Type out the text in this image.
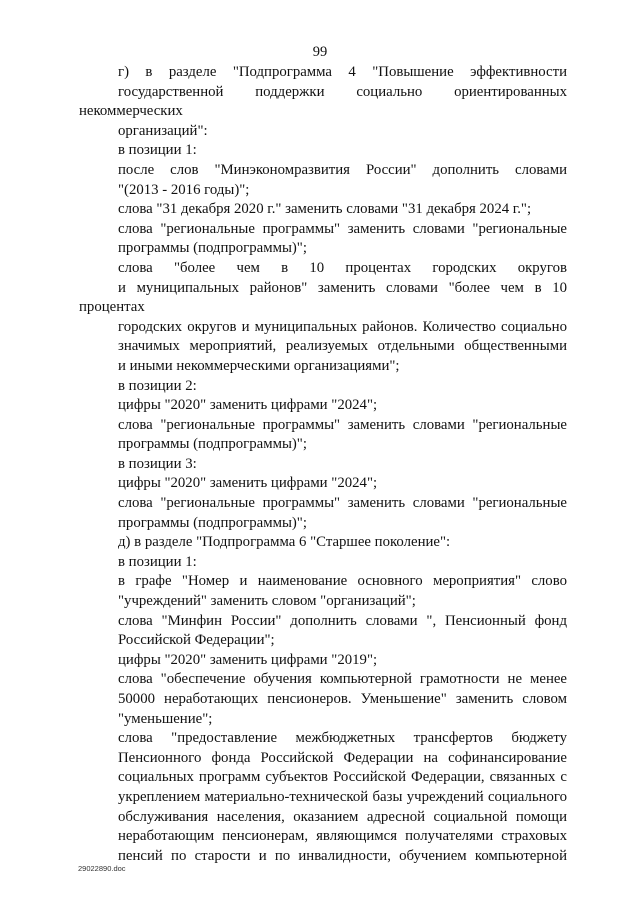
99
г) в разделе "Подпрограмма 4 "Повышение эффективности
государственной поддержки социально ориентированных некоммерческих
организаций":
в позиции 1:
после слов "Минэкономразвития России" дополнить словами
"(2013 - 2016 годы)";
слова "31 декабря 2020 г." заменить словами "31 декабря 2024 г.";
слова "региональные программы" заменить словами "региональные
программы (подпрограммы)";
слова "более чем в 10 процентах городских округов
и муниципальных районов" заменить словами "более чем в 10 процентах
городских округов и муниципальных районов. Количество социально
значимых мероприятий, реализуемых отдельными общественными
и иными некоммерческими организациями";
в позиции 2:
цифры "2020" заменить цифрами "2024";
слова "региональные программы" заменить словами "региональные
программы (подпрограммы)";
в позиции 3:
цифры "2020" заменить цифрами "2024";
слова "региональные программы" заменить словами "региональные
программы (подпрограммы)";
д) в разделе "Подпрограмма 6 "Старшее поколение":
в позиции 1:
в графе "Номер и наименование основного мероприятия" слово
"учреждений" заменить словом "организаций";
слова "Минфин России" дополнить словами ", Пенсионный фонд
Российской Федерации";
цифры "2020" заменить цифрами "2019";
слова "обеспечение обучения компьютерной грамотности не менее
50000 неработающих пенсионеров. Уменьшение" заменить словом
"уменьшение";
слова "предоставление межбюджетных трансфертов бюджету
Пенсионного фонда Российской Федерации на софинансирование
социальных программ субъектов Российской Федерации, связанных с
укреплением материально-технической базы учреждений социального
обслуживания населения, оказанием адресной социальной помощи
неработающим пенсионерам, являющимся получателями страховых
пенсий по старости и по инвалидности, обучением компьютерной
29022890.doc
